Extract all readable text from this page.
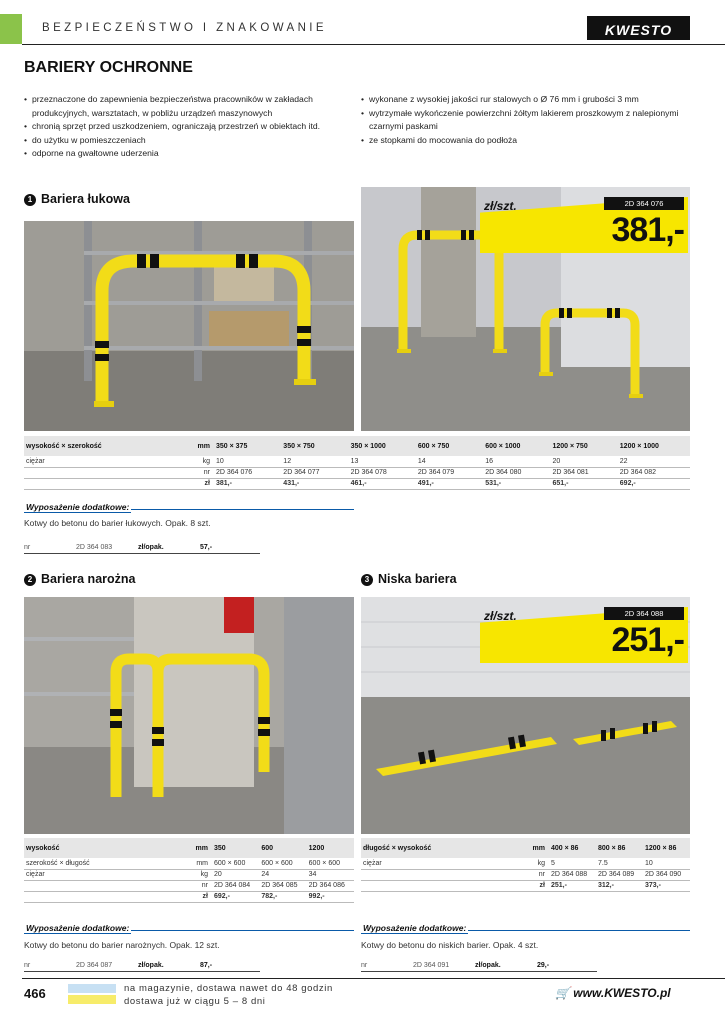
BEZPIECZEŃSTWO I ZNAKOWANIE	KWESTO
BARIERY OCHRONNE
• przeznaczone do zapewnienia bezpieczeństwa pracowników w zakładach produkcyjnych, warsztatach, w pobliżu urządzeń maszynowych
• chronią sprzęt przed uszkodzeniem, ograniczają przestrzeń w obiektach itd.
• do użytku w pomieszczeniach
• odporne na gwałtowne uderzenia
• wykonane z wysokiej jakości rur stalowych o Ø 76 mm i grubości 3 mm
• wytrzymałe wykończenie powierzchni żółtym lakierem proszkowym z nalepionymi czarnymi paskami
• ze stopkami do mocowania do podłoża
1 Bariera łukowa	2D 364 076
zł/szt.
381,-
wysokość × szerokość	mm	350 × 375	350 × 750	350 × 1000	600 × 750	600 × 1000	1200 × 750	1200 × 1000
ciężar	kg	10	12	13	14	16	20	22
	nr	2D 364 076	2D 364 077	2D 364 078	2D 364 079	2D 364 080	2D 364 081	2D 364 082
	zł	381,-	431,-	461,-	491,-	531,-	651,-	692,-
Wyposażenie dodatkowe:
Kotwy do betonu do barier łukowych. Opak. 8 szt.
nr	2D 364 083	zł/opak.	57,-
2 Bariera narożna
wysokość	mm	350	600	1200
szerokość × długość	mm	600 × 600	600 × 600	600 × 600
ciężar	kg	20	24	34
	nr	2D 364 084	2D 364 085	2D 364 086
	zł	692,-	782,-	992,-
Wyposażenie dodatkowe:
Kotwy do betonu do barier narożnych. Opak. 12 szt.
nr	2D 364 087	zł/opak.	87,-
3 Niska bariera
2D 364 088
zł/szt.
251,-
długość × wysokość	mm	400 × 86	800 × 86	1200 × 86
ciężar	kg	5	7.5	10
	nr	2D 364 088	2D 364 089	2D 364 090
	zł	251,-	312,-	373,-
Wyposażenie dodatkowe:
Kotwy do betonu do niskich barier. Opak. 4 szt.
nr	2D 364 091	zł/opak.	29,-
466	na magazynie, dostawa nawet do 48 godzin
dostawa już w ciągu 5 – 8 dni
🛒 www.KWESTO.pl
